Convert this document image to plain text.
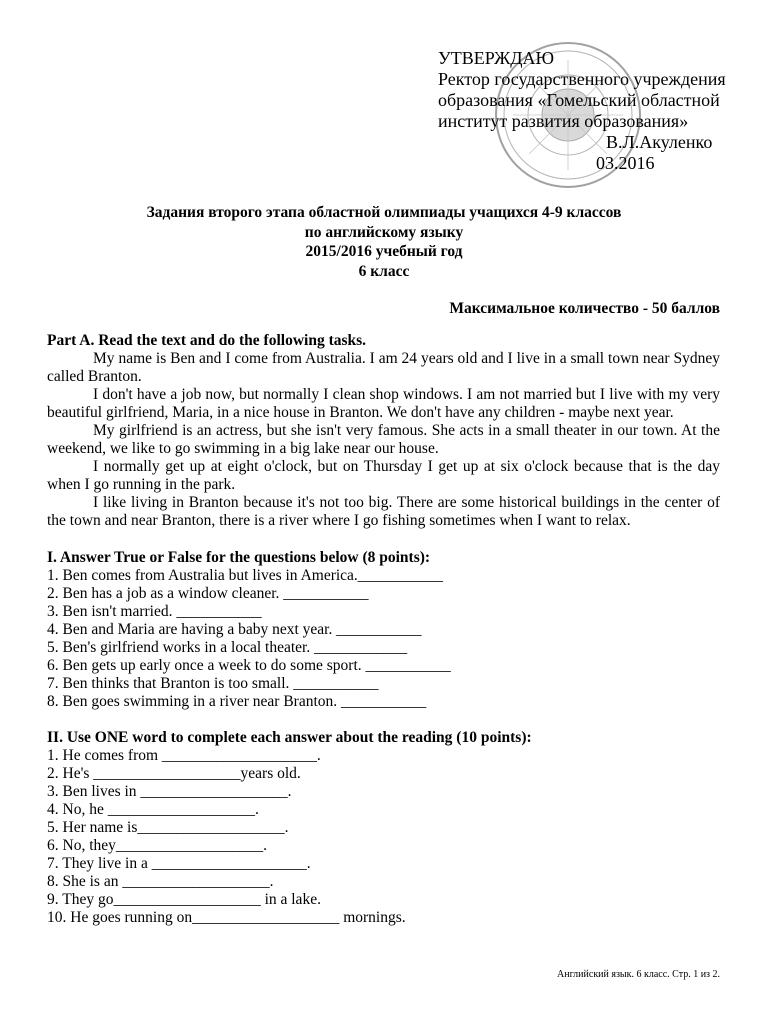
УТВЕРЖДАЮ
Ректор государственного учреждения
образования «Гомельский областной
институт развития образования»
В.Л.Акуленко
03.2016
Задания второго этапа областной олимпиады учащихся 4-9 классов
по английскому языку
2015/2016 учебный год
6 класс
Максимальное количество - 50 баллов
Part A. Read the text and do the following tasks.

My name is Ben and I come from Australia. I am 24 years old and I live in a small town near Sydney called Branton.

I don't have a job now, but normally I clean shop windows. I am not married but I live with my very beautiful girlfriend, Maria, in a nice house in Branton. We don't have any children - maybe next year.

My girlfriend is an actress, but she isn't very famous. She acts in a small theater in our town. At the weekend, we like to go swimming in a big lake near our house.

I normally get up at eight o'clock, but on Thursday I get up at six o'clock because that is the day when I go running in the park.

I like living in Branton because it's not too big. There are some historical buildings in the center of the town and near Branton, there is a river where I go fishing sometimes when I want to relax.

I. Answer True or False for the questions below (8 points):
1. Ben comes from Australia but lives in America.___________
2. Ben has a job as a window cleaner. ___________
3. Ben isn't married. ___________
4. Ben and Maria are having a baby next year. ___________
5. Ben's girlfriend works in a local theater. ____________
6. Ben gets up early once a week to do some sport. ___________
7. Ben thinks that Branton is too small. ___________
8. Ben goes swimming in a river near Branton. ___________
II. Use ONE word to complete each answer about the reading (10 points):
1. He comes from ____________________.
2. He's ___________________years old.
3. Ben lives in ___________________.
4. No, he ___________________.
5. Her name is___________________.
6. No, they___________________.
7. They live in a ____________________.
8. She is an ___________________.
9. They go___________________ in a lake.
10. He goes running on___________________ mornings.
Английский язык. 6 класс. Стр. 1 из 2.
